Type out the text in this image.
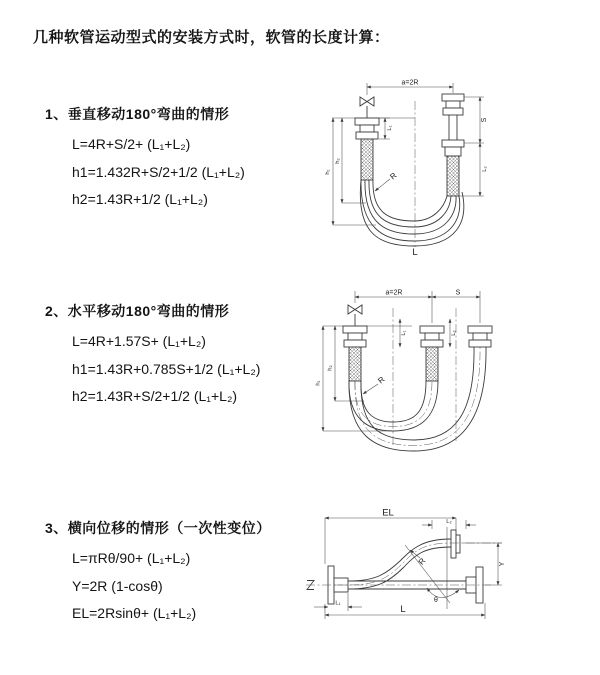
几种软管运动型式的安装方式时，软管的长度计算：
1、垂直移动180°弯曲的情形
L=4R+S/2+ (L₁+L₂)
h1=1.432R+S/2+1/2 (L₁+L₂)
h2=1.43R+1/2 (L₁+L₂)
a=2R
h₁
h₂
L₁
S
L₂
R
L
2、水平移动180°弯曲的情形
L=4R+1.57S+ (L₁+L₂)
h1=1.43R+0.785S+1/2 (L₁+L₂)
h2=1.43R+S/2+1/2 (L₁+L₂)
a=2R	S
h₁
h₂
L₁	L₂
R
3、横向位移的情形（一次性变位）
L=πRθ/90+ (L₁+L₂)
Y=2R (1-cosθ)
EL=2Rsinθ+ (L₁+L₂)
EL
L₂
Y
L
L₁	θ
R
